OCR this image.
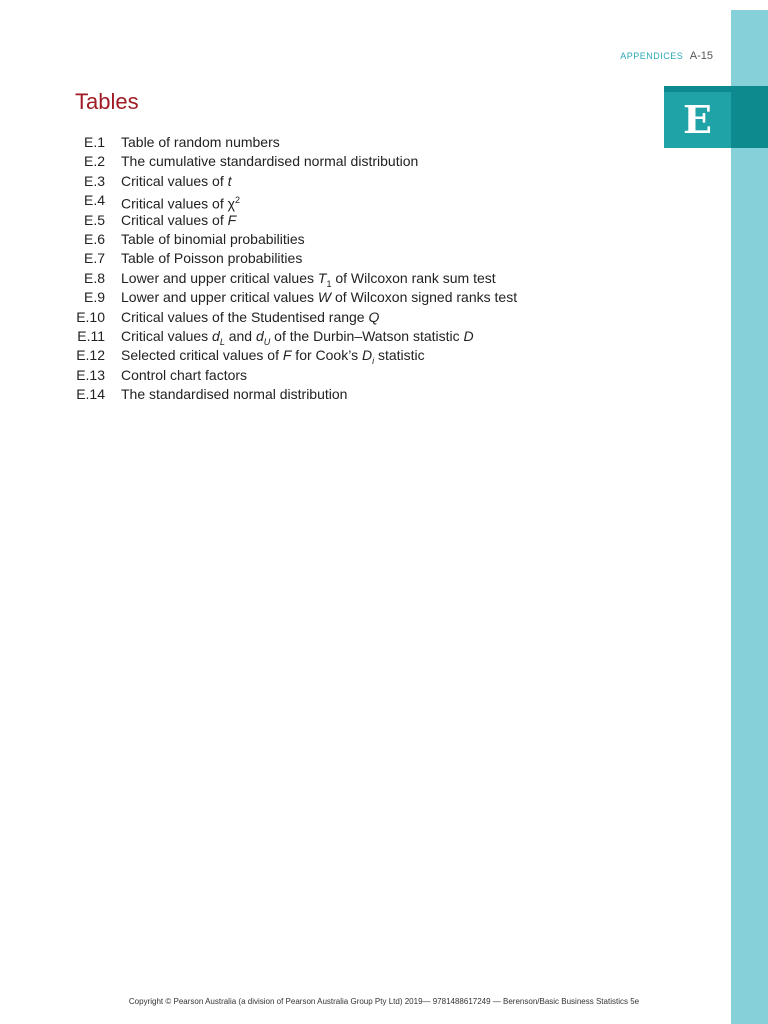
E
APPENDICES A-15
Tables
E.1 Table of random numbers
E.2 The cumulative standardised normal distribution
E.3 Critical values of t
E.4 Critical values of $\chi^2$
E.5 Critical values of F
E.6 Table of binomial probabilities
E.7 Table of Poisson probabilities
E.8 Lower and upper critical values $T_1$ of Wilcoxon rank sum test
E.9 Lower and upper critical values W of Wilcoxon signed ranks test
E.10 Critical values of the Studentised range Q
E.11 Critical values $d_L$ and $d_U$ of the Durbin–Watson statistic D
E.12 Selected critical values of F for Cook’s $D_i$ statistic
E.13 Control chart factors
E.14 The standardised normal distribution
Copyright © Pearson Australia (a division of Pearson Australia Group Pty Ltd) 2019— 9781488617249 — Berenson/Basic Business Statistics 5e
